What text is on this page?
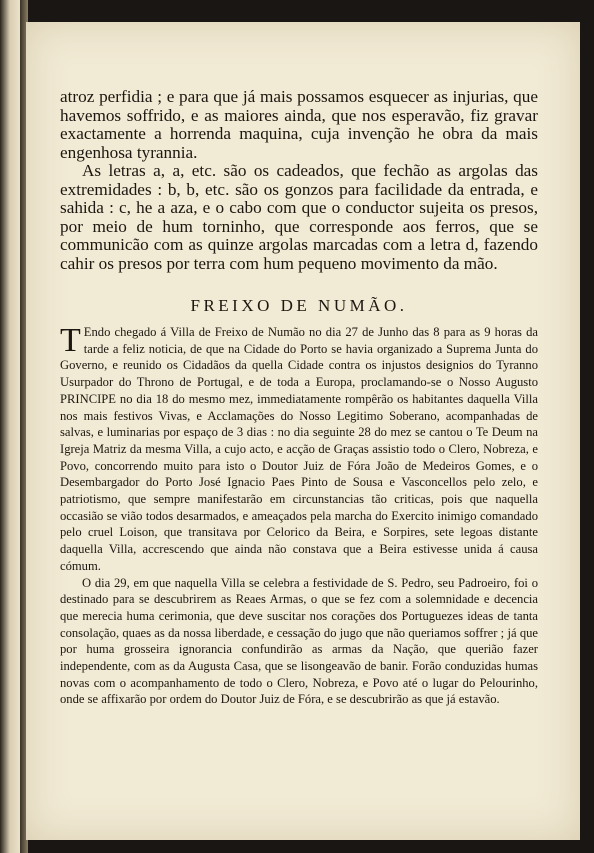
atroz perfidia ; e para que já mais possamos esquecer as injurias, que havemos soffrido, e as maiores ainda, que nos esperavão, fiz gravar exactamente a horrenda maquina, cuja invenção he obra da mais engenhosa tyrannia.

As letras a, a, etc. são os cadeados, que fechão as argolas das extremidades : b, b, etc. são os gonzos para facilidade da entrada, e sahida : c, he a aza, e o cabo com que o conductor sujeita os presos, por meio de hum torninho, que corresponde aos ferros, que se communicão com as quinze argolas marcadas com a letra d, fazendo cahir os presos por terra com hum pequeno movimento da mão.

FREIXO DE NUMÃO.

T Endo chegado á Villa de Freixo de Numão no dia 27 de Junho das 8 para as 9 horas da tarde a feliz noticia, de que na Cidade do Porto se havia organizado a Suprema Junta do Governo, e reunido os Cidadãos da quella Cidade contra os injustos designios do Tyranno Usurpador do Throno de Portugal, e de toda a Europa, proclamando-se o Nosso Augusto PRINCIPE no dia 18 do mesmo mez, immediatamente rompêrão os habitantes daquella Villa nos mais festivos Vivas, e Acclamações do Nosso Legitimo Soberano, acompanhadas de salvas, e luminarias por espaço de 3 dias : no dia seguinte 28 do mez se cantou o Te Deum na Igreja Matriz da mesma Villa, a cujo acto, e acção de Graças assistio todo o Clero, Nobreza, e Povo, concorrendo muito para isto o Doutor Juiz de Fóra João de Medeiros Gomes, e o Desembargador do Porto José Ignacio Paes Pinto de Sousa e Vasconcellos pelo zelo, e patriotismo, que sempre manifestarão em circunstancias tão criticas, pois que naquella occasião se vião todos desarmados, e ameaçados pela marcha do Exercito inimigo comandado pelo cruel Loison, que transitava por Celorico da Beira, e Sorpires, sete legoas distante daquella Villa, accrescendo que ainda não constava que a Beira estivesse unida á causa cómum.

O dia 29, em que naquella Villa se celebra a festividade de S. Pedro, seu Padroeiro, foi o destinado para se descubrirem as Reaes Armas, o que se fez com a solemnidade e decencia que merecia huma cerimonia, que deve suscitar nos corações dos Portuguezes ideas de tanta consolação, quaes as da nossa liberdade, e cessação do jugo que não queriamos soffrer ; já que por huma grosseira ignorancia confundirão as armas da Nação, que querião fazer independente, com as da Augusta Casa, que se lisongeavão de banir. Forão conduzidas humas novas com o acompanhamento de todo o Clero, Nobreza, e Povo até o lugar do Pelourinho, onde se affixarão por ordem do Doutor Juiz de Fóra, e se descubrirão as que já estavão.
